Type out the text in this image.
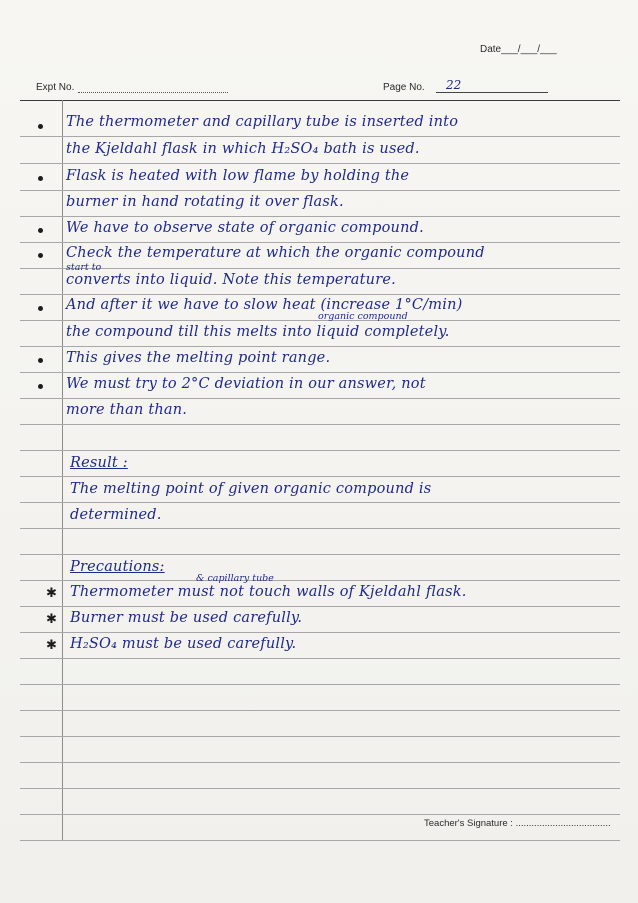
Date___/___/___
Expt No.	Page No. 22
The thermometer and capillary tube is inserted into
the Kjeldahl flask in which H₂SO₄ bath is used.
Flask is heated with low flame by holding the
burner in hand rotating it over flask.
We have to observe state of organic compound.
Check the temperature at which the organic compound
start to
converts into liquid. Note this temperature.
And after it we have to slow heat (increase 1°C/min)
organic compound
the compound till this melts into liquid completely.
This gives the melting point range.
We must try to 2°C deviation in our answer, not
more than than.
Result :
The melting point of given organic compound is
determined.
Precautions:
& capillary tube
✱
✱
✱
Thermometer must not touch walls of Kjeldahl flask.
Burner must be used carefully.
H₂SO₄ must be used carefully.
Teacher's Signature : ....................................
